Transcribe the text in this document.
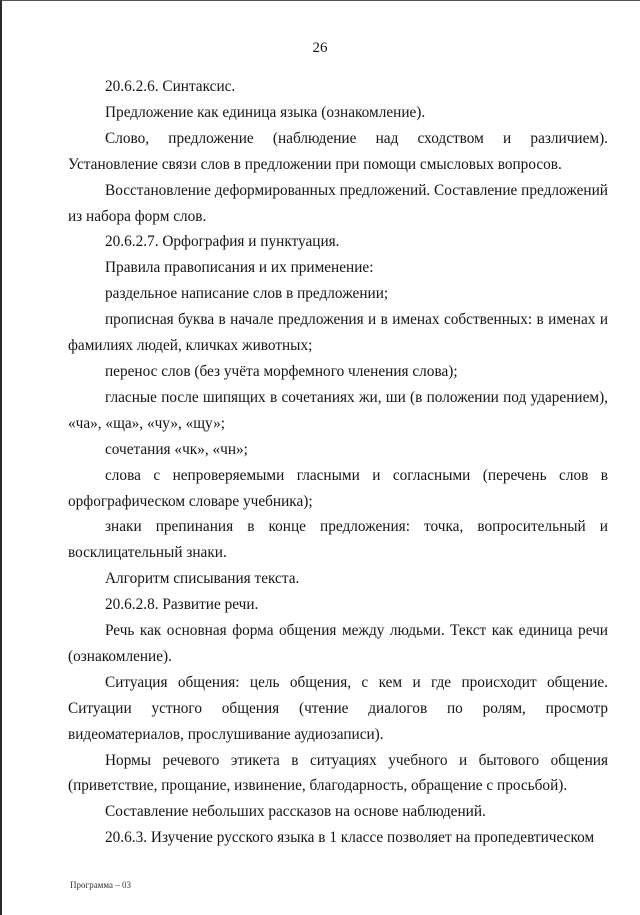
26

20.6.2.6. Синтаксис.

Предложение как единица языка (ознакомление).

Слово, предложение (наблюдение над сходством и различием). Установление связи слов в предложении при помощи смысловых вопросов.

Восстановление деформированных предложений. Составление предложений из набора форм слов.

20.6.2.7. Орфография и пунктуация.

Правила правописания и их применение:

раздельное написание слов в предложении;

прописная буква в начале предложения и в именах собственных: в именах и фамилиях людей, кличках животных;

перенос слов (без учёта морфемного членения слова);

гласные после шипящих в сочетаниях жи, ши (в положении под ударением), «ча», «ща», «чу», «щу»;

сочетания «чк», «чн»;

слова с непроверяемыми гласными и согласными (перечень слов в орфографическом словаре учебника);

знаки препинания в конце предложения: точка, вопросительный и восклицательный знаки.

Алгоритм списывания текста.

20.6.2.8. Развитие речи.

Речь как основная форма общения между людьми. Текст как единица речи (ознакомление).

Ситуация общения: цель общения, с кем и где происходит общение. Ситуации устного общения (чтение диалогов по ролям, просмотр видеоматериалов, прослушивание аудиозаписи).

Нормы речевого этикета в ситуациях учебного и бытового общения (приветствие, прощание, извинение, благодарность, обращение с просьбой).

Составление небольших рассказов на основе наблюдений.

20.6.3. Изучение русского языка в 1 классе позволяет на пропедевтическом

Программа – 03
